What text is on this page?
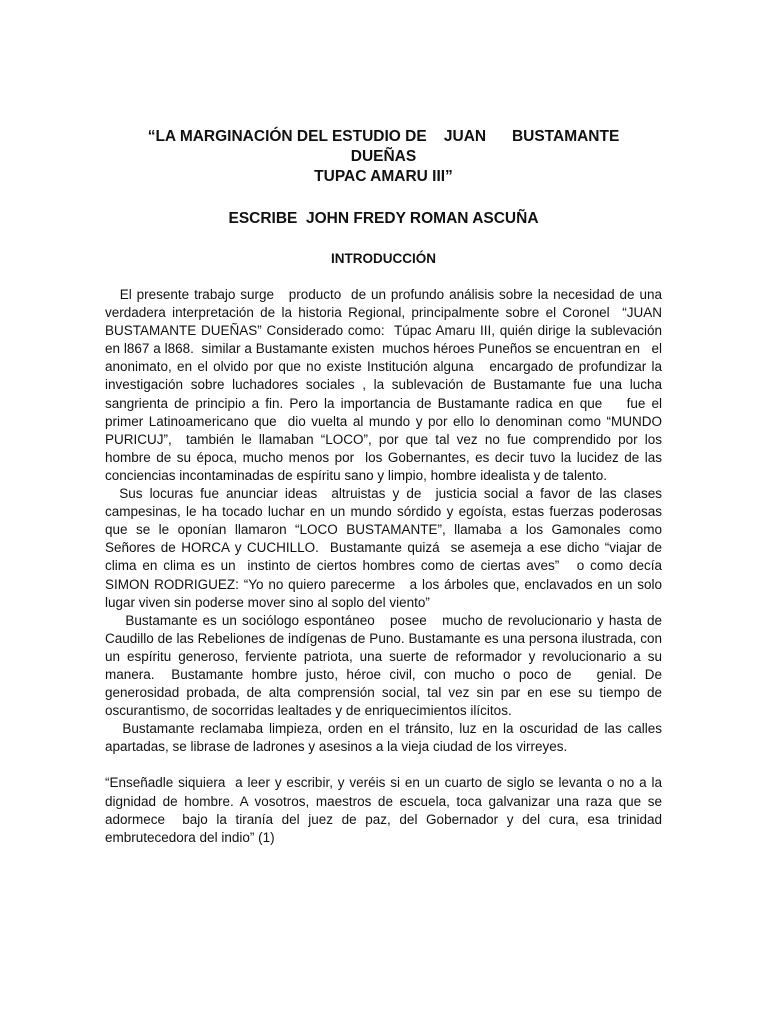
“LA MARGINACIÓN DEL ESTUDIO DE    JUAN      BUSTAMANTE
DUEÑAS
TUPAC AMARU III”
ESCRIBE  JOHN FREDY ROMAN ASCUÑA
INTRODUCCIÓN

El presente trabajo surge   producto  de un profundo análisis sobre la necesidad de una verdadera interpretación de la historia Regional, principalmente sobre el Coronel  “JUAN BUSTAMANTE DUEÑAS” Considerado como:  Túpac Amaru III, quién dirige la sublevación en l867 a l868.  similar a Bustamante existen  muchos héroes Puneños se encuentran en   el anonimato, en el olvido por que no existe Institución alguna   encargado de profundizar la investigación sobre luchadores sociales , la sublevación de Bustamante fue una lucha sangrienta de principio a fin. Pero la importancia de Bustamante radica en que    fue el primer Latinoamericano que  dio vuelta al mundo y por ello lo denominan como “MUNDO PURICUJ”,  también le llamaban “LOCO”, por que tal vez no fue comprendido por los  hombre de su época, mucho menos por  los Gobernantes, es decir tuvo la lucidez de las conciencias incontaminadas de espíritu sano y limpio, hombre idealista y de talento.

Sus locuras fue anunciar ideas  altruistas y de  justicia social a favor de las clases campesinas, le ha tocado luchar en un mundo sórdido y egoísta, estas fuerzas poderosas que se le oponían llamaron “LOCO BUSTAMANTE”, llamaba a los Gamonales como Señores de HORCA y CUCHILLO.  Bustamante quizá  se asemeja a ese dicho “viajar de clima en clima es un  instinto de ciertos hombres como de ciertas aves”   o como decía SIMON RODRIGUEZ: “Yo no quiero parecerme   a los árboles que, enclavados en un solo lugar viven sin poderse mover sino al soplo del viento”

Bustamante es un sociólogo espontáneo   posee   mucho de revolucionario y hasta de Caudillo de las Rebeliones de indígenas de Puno. Bustamante es una persona ilustrada, con   un espíritu generoso, ferviente patriota, una suerte de reformador y revolucionario a su manera.  Bustamante hombre justo, héroe civil, con mucho o poco de   genial. De generosidad probada, de alta comprensión social, tal vez sin par en ese su tiempo de oscurantismo, de socorridas lealtades y de enriquecimientos ilícitos.

Bustamante reclamaba limpieza, orden en el tránsito, luz en la oscuridad de las calles apartadas, se librase de ladrones y asesinos a la vieja ciudad de los virreyes.

“Enseñadle siquiera  a leer y escribir, y veréis si en un cuarto de siglo se levanta o no a la dignidad de hombre. A vosotros, maestros de escuela, toca galvanizar una raza que se adormece  bajo la tiranía del juez de paz, del Gobernador y del cura, esa trinidad embrutecedora del indio” (1)
